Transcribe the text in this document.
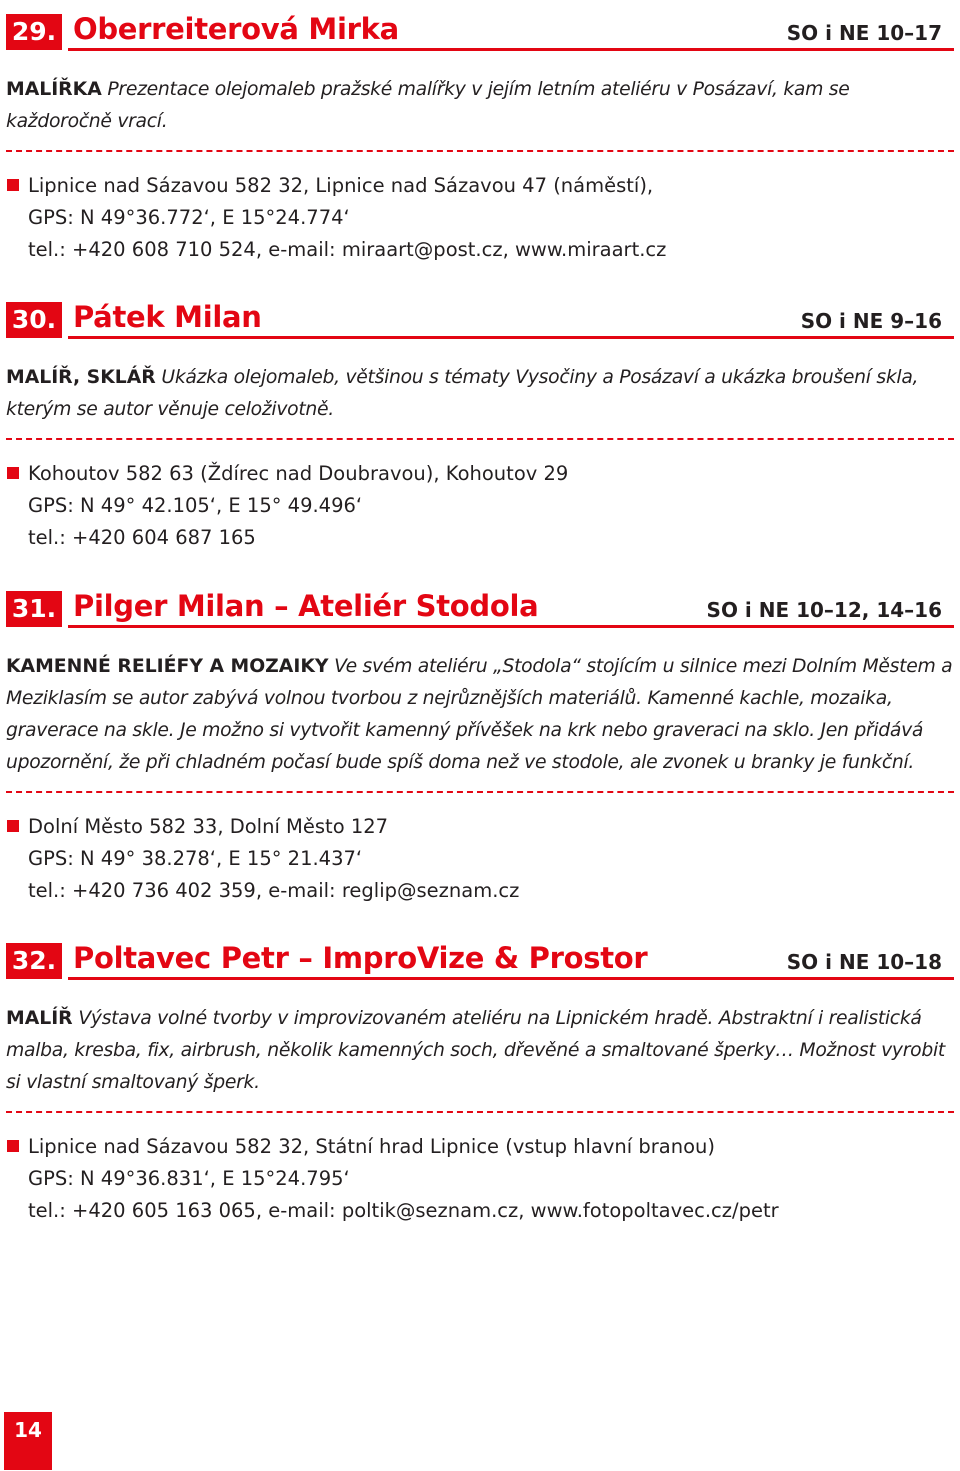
29. Oberreiterová Mirka	SO i NE 10–17

MALÍŘKA Prezentace olejomaleb pražské malířky v jejím letním ateliéru v Posázaví, kam se každoročně vrací.

Lipnice nad Sázavou 582 32, Lipnice nad Sázavou 47 (náměstí),
GPS: N 49°36.772‘, E 15°24.774‘
tel.: +420 608 710 524, e-mail: miraart@post.cz, www.miraart.cz
30. Pátek Milan	SO i NE 9–16

MALÍŘ, SKLÁŘ Ukázka olejomaleb, většinou s tématy Vysočiny a Posázaví a ukázka broušení skla, kterým se autor věnuje celoživotně.

Kohoutov 582 63 (Ždírec nad Doubravou), Kohoutov 29
GPS: N 49° 42.105‘, E 15° 49.496‘
tel.: +420 604 687 165
31. Pilger Milan – Ateliér Stodola	SO i NE 10–12, 14–16

KAMENNÉ RELIÉFY A MOZAIKY Ve svém ateliéru „Stodola“ stojícím u silnice mezi Dolním Městem a Meziklasím se autor zabývá volnou tvorbou z nejrůznějších materiálů. Kamenné kachle, mozaika, graverace na skle. Je možno si vytvořit kamenný přívěšek na krk nebo graveraci na sklo. Jen přidává upozornění, že při chladném počasí bude spíš doma než ve stodole, ale zvonek u branky je funkční.

Dolní Město 582 33, Dolní Město 127
GPS: N 49° 38.278‘, E 15° 21.437‘
tel.: +420 736 402 359, e-mail: reglip@seznam.cz
32. Poltavec Petr – ImproVize & Prostor	SO i NE 10–18

MALÍŘ Výstava volné tvorby v improvizovaném ateliéru na Lipnickém hradě. Abstraktní i realistická malba, kresba, fix, airbrush, několik kamenných soch, dřevěné a smaltované šperky… Možnost vyrobit si vlastní smaltovaný šperk.

Lipnice nad Sázavou 582 32, Státní hrad Lipnice (vstup hlavní branou)
GPS: N 49°36.831‘, E 15°24.795‘
tel.: +420 605 163 065, e-mail: poltik@seznam.cz, www.fotopoltavec.cz/petr
14
